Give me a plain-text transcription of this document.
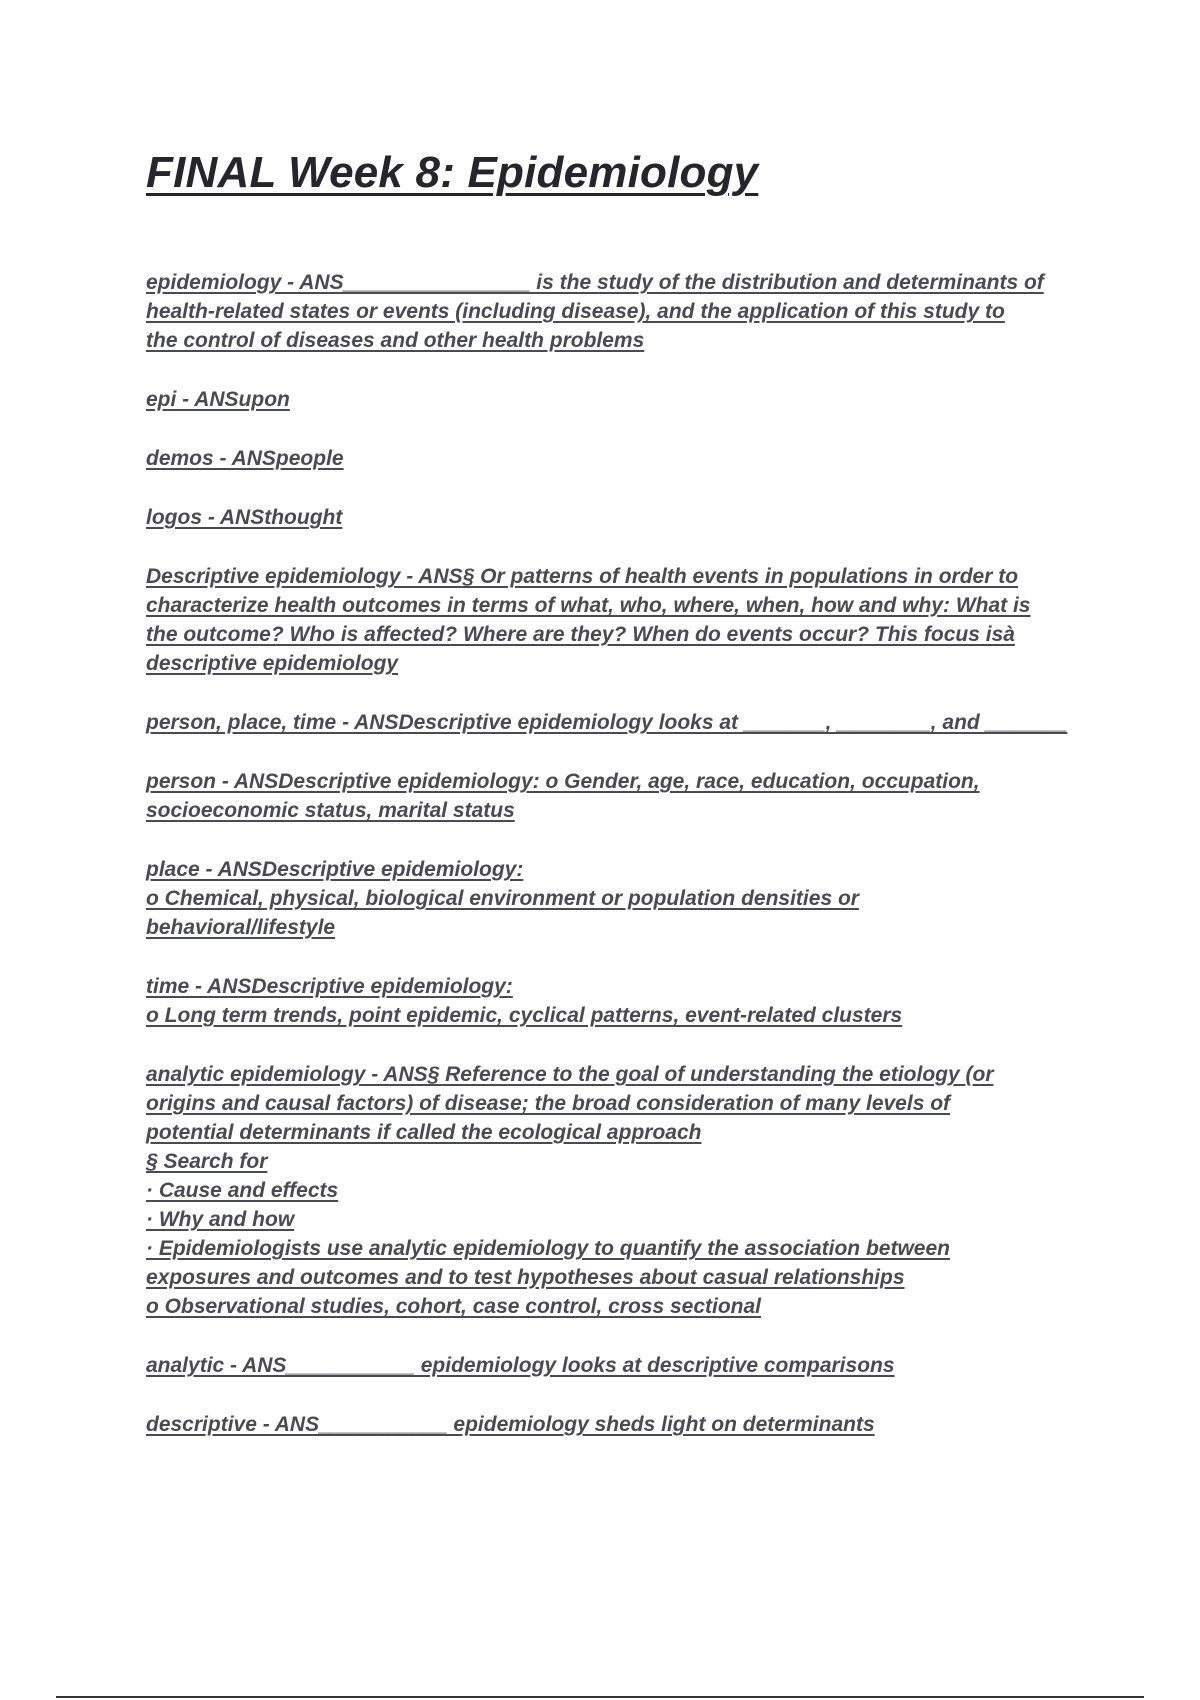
FINAL Week 8: Epidemiology

epidemiology - ANS________________ is the study of the distribution and determinants of
health-related states or events (including disease), and the application of this study to
the control of diseases and other health problems

epi - ANSupon

demos - ANSpeople

logos - ANSthought

Descriptive epidemiology - ANS§ Or patterns of health events in populations in order to
characterize health outcomes in terms of what, who, where, when, how and why: What is
the outcome? Who is affected? Where are they? When do events occur? This focus isà
descriptive epidemiology

person, place, time - ANSDescriptive epidemiology looks at _______, ________, and _______

person - ANSDescriptive epidemiology: o Gender, age, race, education, occupation,
socioeconomic status, marital status

place - ANSDescriptive epidemiology:
o Chemical, physical, biological environment or population densities or
behavioral/lifestyle

time - ANSDescriptive epidemiology:
o Long term trends, point epidemic, cyclical patterns, event-related clusters

analytic epidemiology - ANS§ Reference to the goal of understanding the etiology (or
origins and causal factors) of disease; the broad consideration of many levels of
potential determinants if called the ecological approach
§ Search for
· Cause and effects
· Why and how
· Epidemiologists use analytic epidemiology to quantify the association between
exposures and outcomes and to test hypotheses about casual relationships
o Observational studies, cohort, case control, cross sectional

analytic - ANS___________ epidemiology looks at descriptive comparisons

descriptive - ANS___________ epidemiology sheds light on determinants
